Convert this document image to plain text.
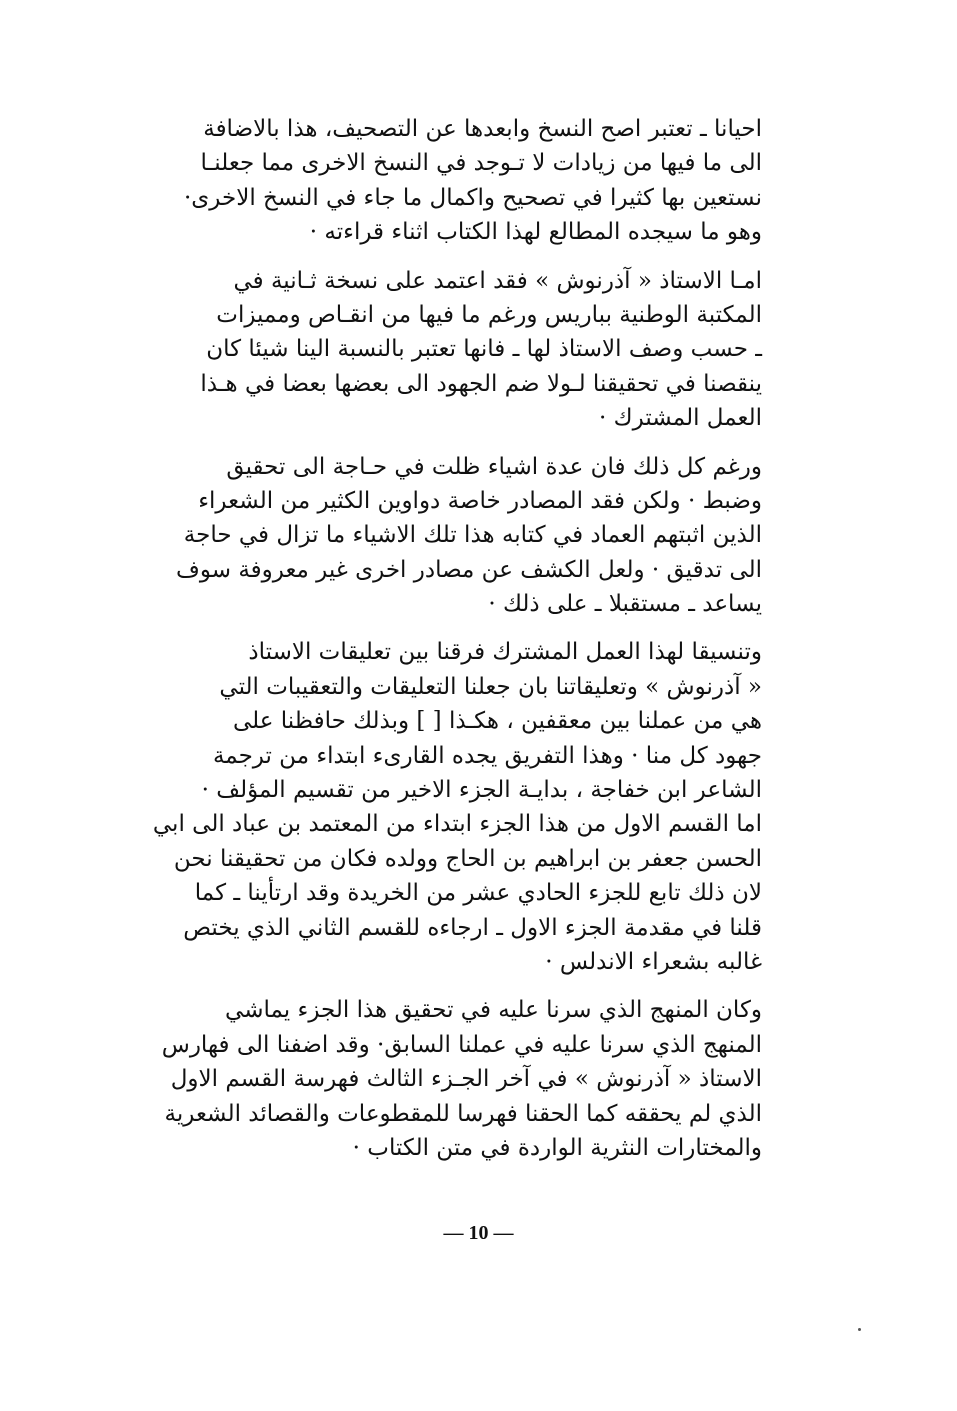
احيانا ـ تعتبر اصح النسخ وابعدها عن التصحيف، هذا بالاضافة
الى ما فيها من زيادات لا تـوجد في النسخ الاخرى مما جعلنـا
نستعين بها كثيرا في تصحيح واكمال ما جاء في النسخ الاخرى·
وهو ما سيجده المطالع لهذا الكتاب اثناء قراءته ·
امـا الاستاذ « آذرنوش » فقد اعتمد على نسخة ثـانية في
المكتبة الوطنية بباريس ورغم ما فيها من انقـاص ومميزات
ـ حسب وصف الاستاذ لها ـ فانها تعتبر بالنسبة الينا شيئا كان
ينقصنا في تحقيقنا لـولا ضم الجهود الى بعضها بعضا في هـذا
العمل المشترك ·
ورغم كل ذلك فان عدة اشياء ظلت في حـاجة الى تحقيق
وضبط · ولكن فقد المصادر خاصة دواوين الكثير من الشعراء
الذين اثبتهم العماد في كتابه هذا تلك الاشياء ما تزال في حاجة
الى تدقيق · ولعل الكشف عن مصادر اخرى غير معروفة سوف
يساعد ـ مستقبلا ـ على ذلك ·
وتنسيقا لهذا العمل المشترك فرقنا بين تعليقات الاستاذ
« آذرنوش » وتعليقاتنا بان جعلنا التعليقات والتعقيبات التي
هي من عملنا بين معقفين ، هكـذا [ ] وبذلك حافظنا على
جهود كل منا · وهذا التفريق يجده القارىء ابتداء من ترجمة
الشاعر ابن خفاجة ، بدايـة الجزء الاخير من تقسيم المؤلف ·
اما القسم الاول من هذا الجزء ابتداء من المعتمد بن عباد الى ابي
الحسن جعفر بن ابراهيم بن الحاج وولده فكان من تحقيقنا نحن
لان ذلك تابع للجزء الحادي عشر من الخريدة وقد ارتأينا ـ كما
قلنا في مقدمة الجزء الاول ـ ارجاءه للقسم الثاني الذي يختص
غالبه بشعراء الاندلس ·
وكان المنهج الذي سرنا عليه في تحقيق هذا الجزء يماشي
المنهج الذي سرنا عليه في عملنا السابق· وقد اضفنا الى فهارس
الاستاذ « آذرنوش » في آخر الجـزء الثالث فهرسة القسم الاول
الذي لم يحققه كما الحقنا فهرسا للمقطوعات والقصائد الشعرية
والمختارات النثرية الواردة في متن الكتاب ·
— 10 —
